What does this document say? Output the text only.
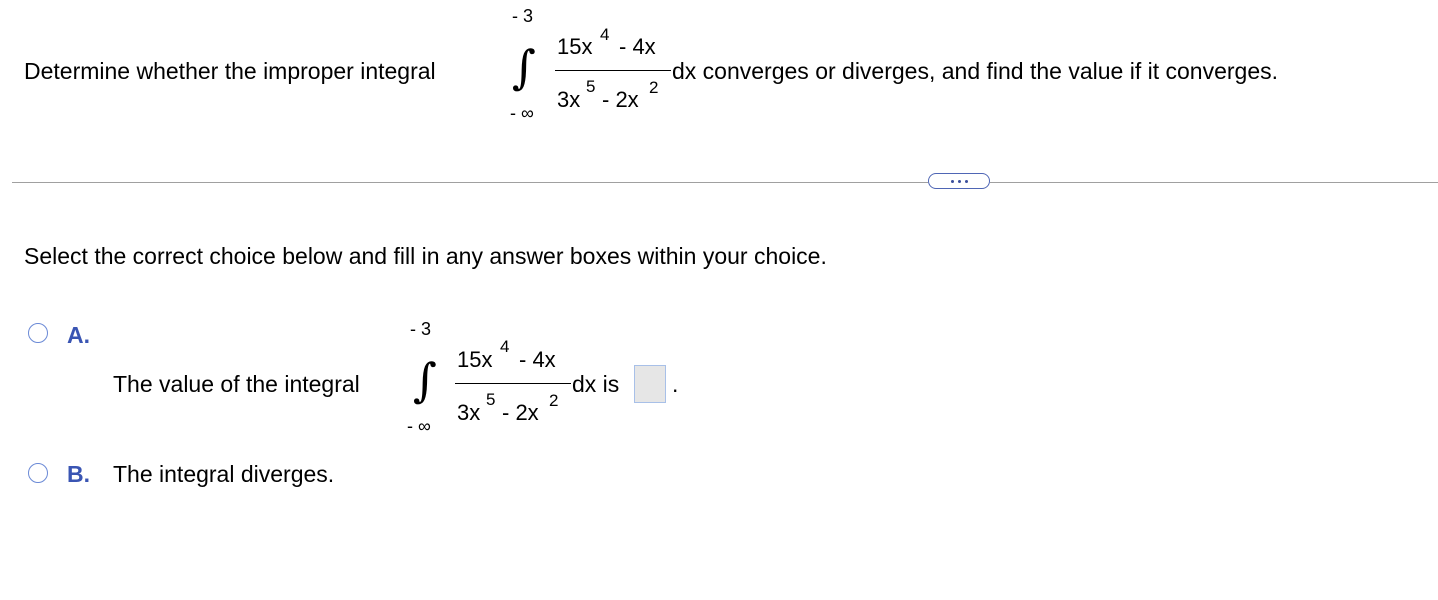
Determine whether the improper integral
- 3
∫
- ∞
15x 4 - 4x
3x
5
- 2x 2
dx converges or diverges, and find the value if it converges.
Select the correct choice below and fill in any answer boxes within your choice.
A.
The value of the integral
- 3
∫
- ∞
15x
4
- 4x
3x
5
- 2x 2
dx is .
B. The integral diverges.
